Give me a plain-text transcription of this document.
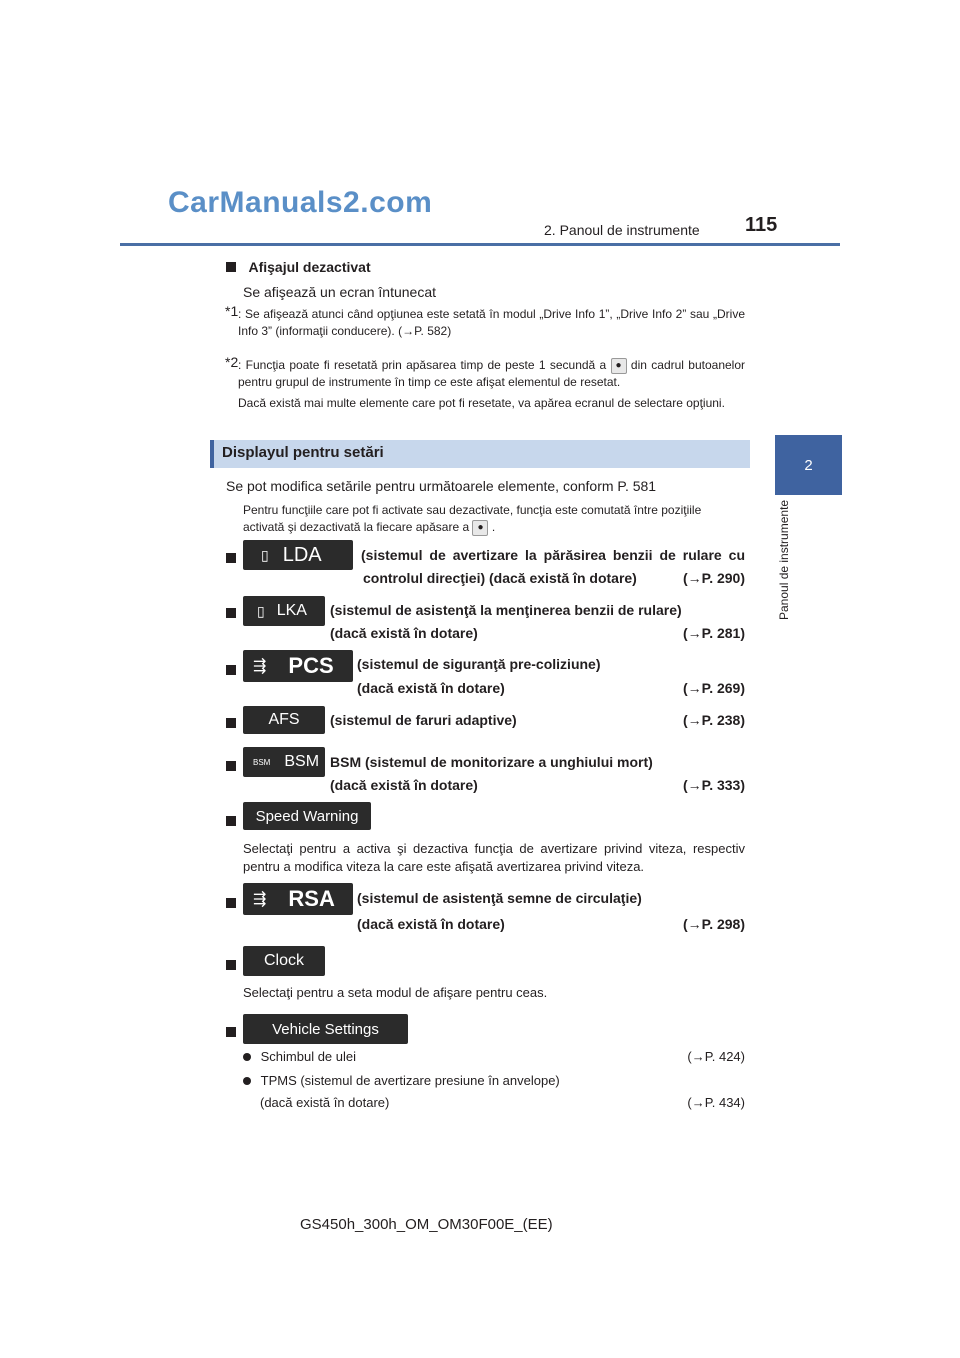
CarManuals2.com
2. Panoul de instrumente 115
2
Panoul de instrumente
Afişajul dezactivat
Se afişează un ecran întunecat
*1 : Se afişează atunci când opţiunea este setată în modul „Drive Info 1”, „Drive Info 2” sau „Drive Info 3” (informaţii conducere). (→P. 582)
*2 : Funcţia poate fi resetată prin apăsarea timp de peste 1 secundă a ● din cadrul butoanelor pentru grupul de instrumente în timp ce este afişat elementul de resetat.
Dacă există mai multe elemente care pot fi resetate, va apărea ecranul de selectare opţiuni.
Displayul pentru setări
Se pot modifica setările pentru următoarele elemente, conform P. 581
Pentru funcţiile care pot fi activate sau dezactivate, funcţia este comutată între poziţiile
activată şi dezactivată la fiecare apăsare a ● .
▯ LDA	(sistemul de avertizare la părăsirea benzii de rulare cu
controlul direcţiei) (dacă există în dotare)	(→P. 290)
▯ LKA (sistemul de asistenţă la menţinerea benzii de rulare)
(dacă există în dotare)	(→P. 281)
⇶ PCS (sistemul de siguranţă pre-coliziune)
(dacă există în dotare)	(→P. 269)
AFS (sistemul de faruri adaptive)	(→P. 238)
BSM BSM BSM (sistemul de monitorizare a unghiului mort)
(dacă există în dotare)	(→P. 333)
Speed Warning
Selectaţi pentru a activa şi dezactiva funcţia de avertizare privind viteza, respectiv pentru a modifica viteza la care este afişată avertizarea privind viteza.
⇶ RSA (sistemul de asistenţă semne de circulaţie)
(dacă există în dotare)	(→P. 298)
Clock
Selectaţi pentru a seta modul de afişare pentru ceas.
Vehicle Settings
Schimbul de ulei	(→P. 424)
TPMS (sistemul de avertizare presiune în anvelope)
(dacă există în dotare)	(→P. 434)
GS450h_300h_OM_OM30F00E_(EE)
